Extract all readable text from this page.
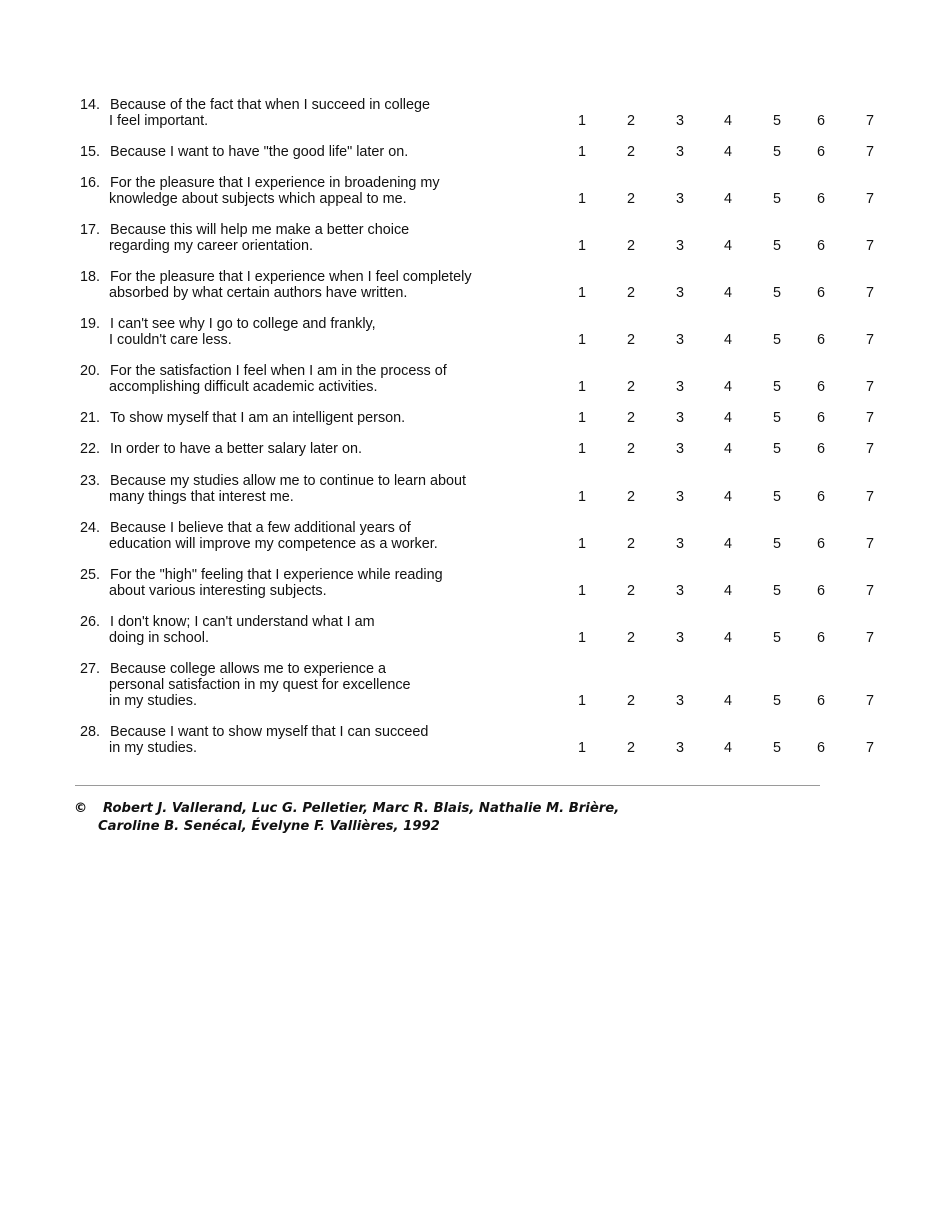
14. Because of the fact that when I succeed in college
I feel important.	1	2	3	4	5	6	7
15. Because I want to have "the good life" later on.	1	2	3	4	5	6	7
16. For the pleasure that I experience in broadening my
knowledge about subjects which appeal to me.	1	2	3	4	5	6	7
17. Because this will help me make a better choice
regarding my career orientation.	1	2	3	4	5	6	7
18. For the pleasure that I experience when I feel completely
absorbed by what certain authors have written.	1	2	3	4	5	6	7
19. I can't see why I go to college and frankly,
I couldn't care less.	1	2	3	4	5	6	7
20. For the satisfaction I feel when I am in the process of
accomplishing difficult academic activities.	1	2	3	4	5	6	7
21. To show myself that I am an intelligent person.	1	2	3	4	5	6	7
22. In order to have a better salary later on.	1	2	3	4	5	6	7
23. Because my studies allow me to continue to learn about
many things that interest me.	1	2	3	4	5	6	7
24. Because I believe that a few additional years of
education will improve my competence as a worker.	1	2	3	4	5	6	7
25. For the "high" feeling that I experience while reading
about various interesting subjects.	1	2	3	4	5	6	7
26. I don't know; I can't understand what I am
doing in school.	1	2	3	4	5	6	7
27. Because college allows me to experience a
personal satisfaction in my quest for excellence
in my studies.	1	2	3	4	5	6	7
28. Because I want to show myself that I can succeed
in my studies.	1	2	3	4	5	6	7
© Robert J. Vallerand, Luc G. Pelletier, Marc R. Blais, Nathalie M. Brière,
Caroline B. Senécal, Évelyne F. Vallières, 1992
